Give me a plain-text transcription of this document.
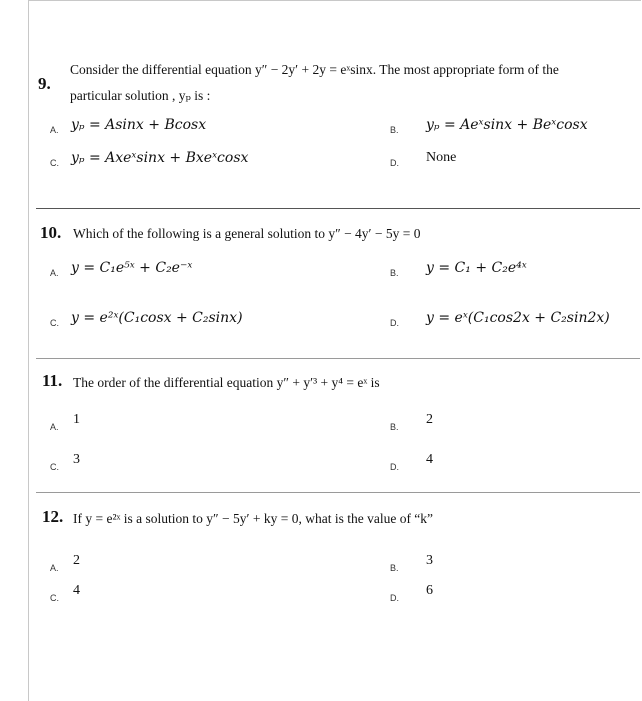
9.
Consider the differential equation y″ − 2y′ + 2y = eˣsinx. The most appropriate form of the
particular solution , yₚ is :
A. yₚ = Asinx + Bcosx	B. yₚ = Aeˣsinx + Beˣcosx
C. yₚ = Axeˣsinx + Bxeˣcosx	D. None
10. Which of the following is a general solution to y″ − 4y′ − 5y = 0
A. y = C₁e⁵ˣ + C₂e⁻ˣ	B. y = C₁ + C₂e⁴ˣ
C. y = e²ˣ(C₁cosx + C₂sinx)	D. y = eˣ(C₁cos2x + C₂sin2x)
11. The order of the differential equation y″ + y′³ + y⁴ = eˣ is
A. 1	B. 2
C. 3	D. 4
12. If y = e²ˣ is a solution to y″ − 5y′ + ky = 0, what is the value of “k”
A. 2	B. 3
C. 4	D. 6
